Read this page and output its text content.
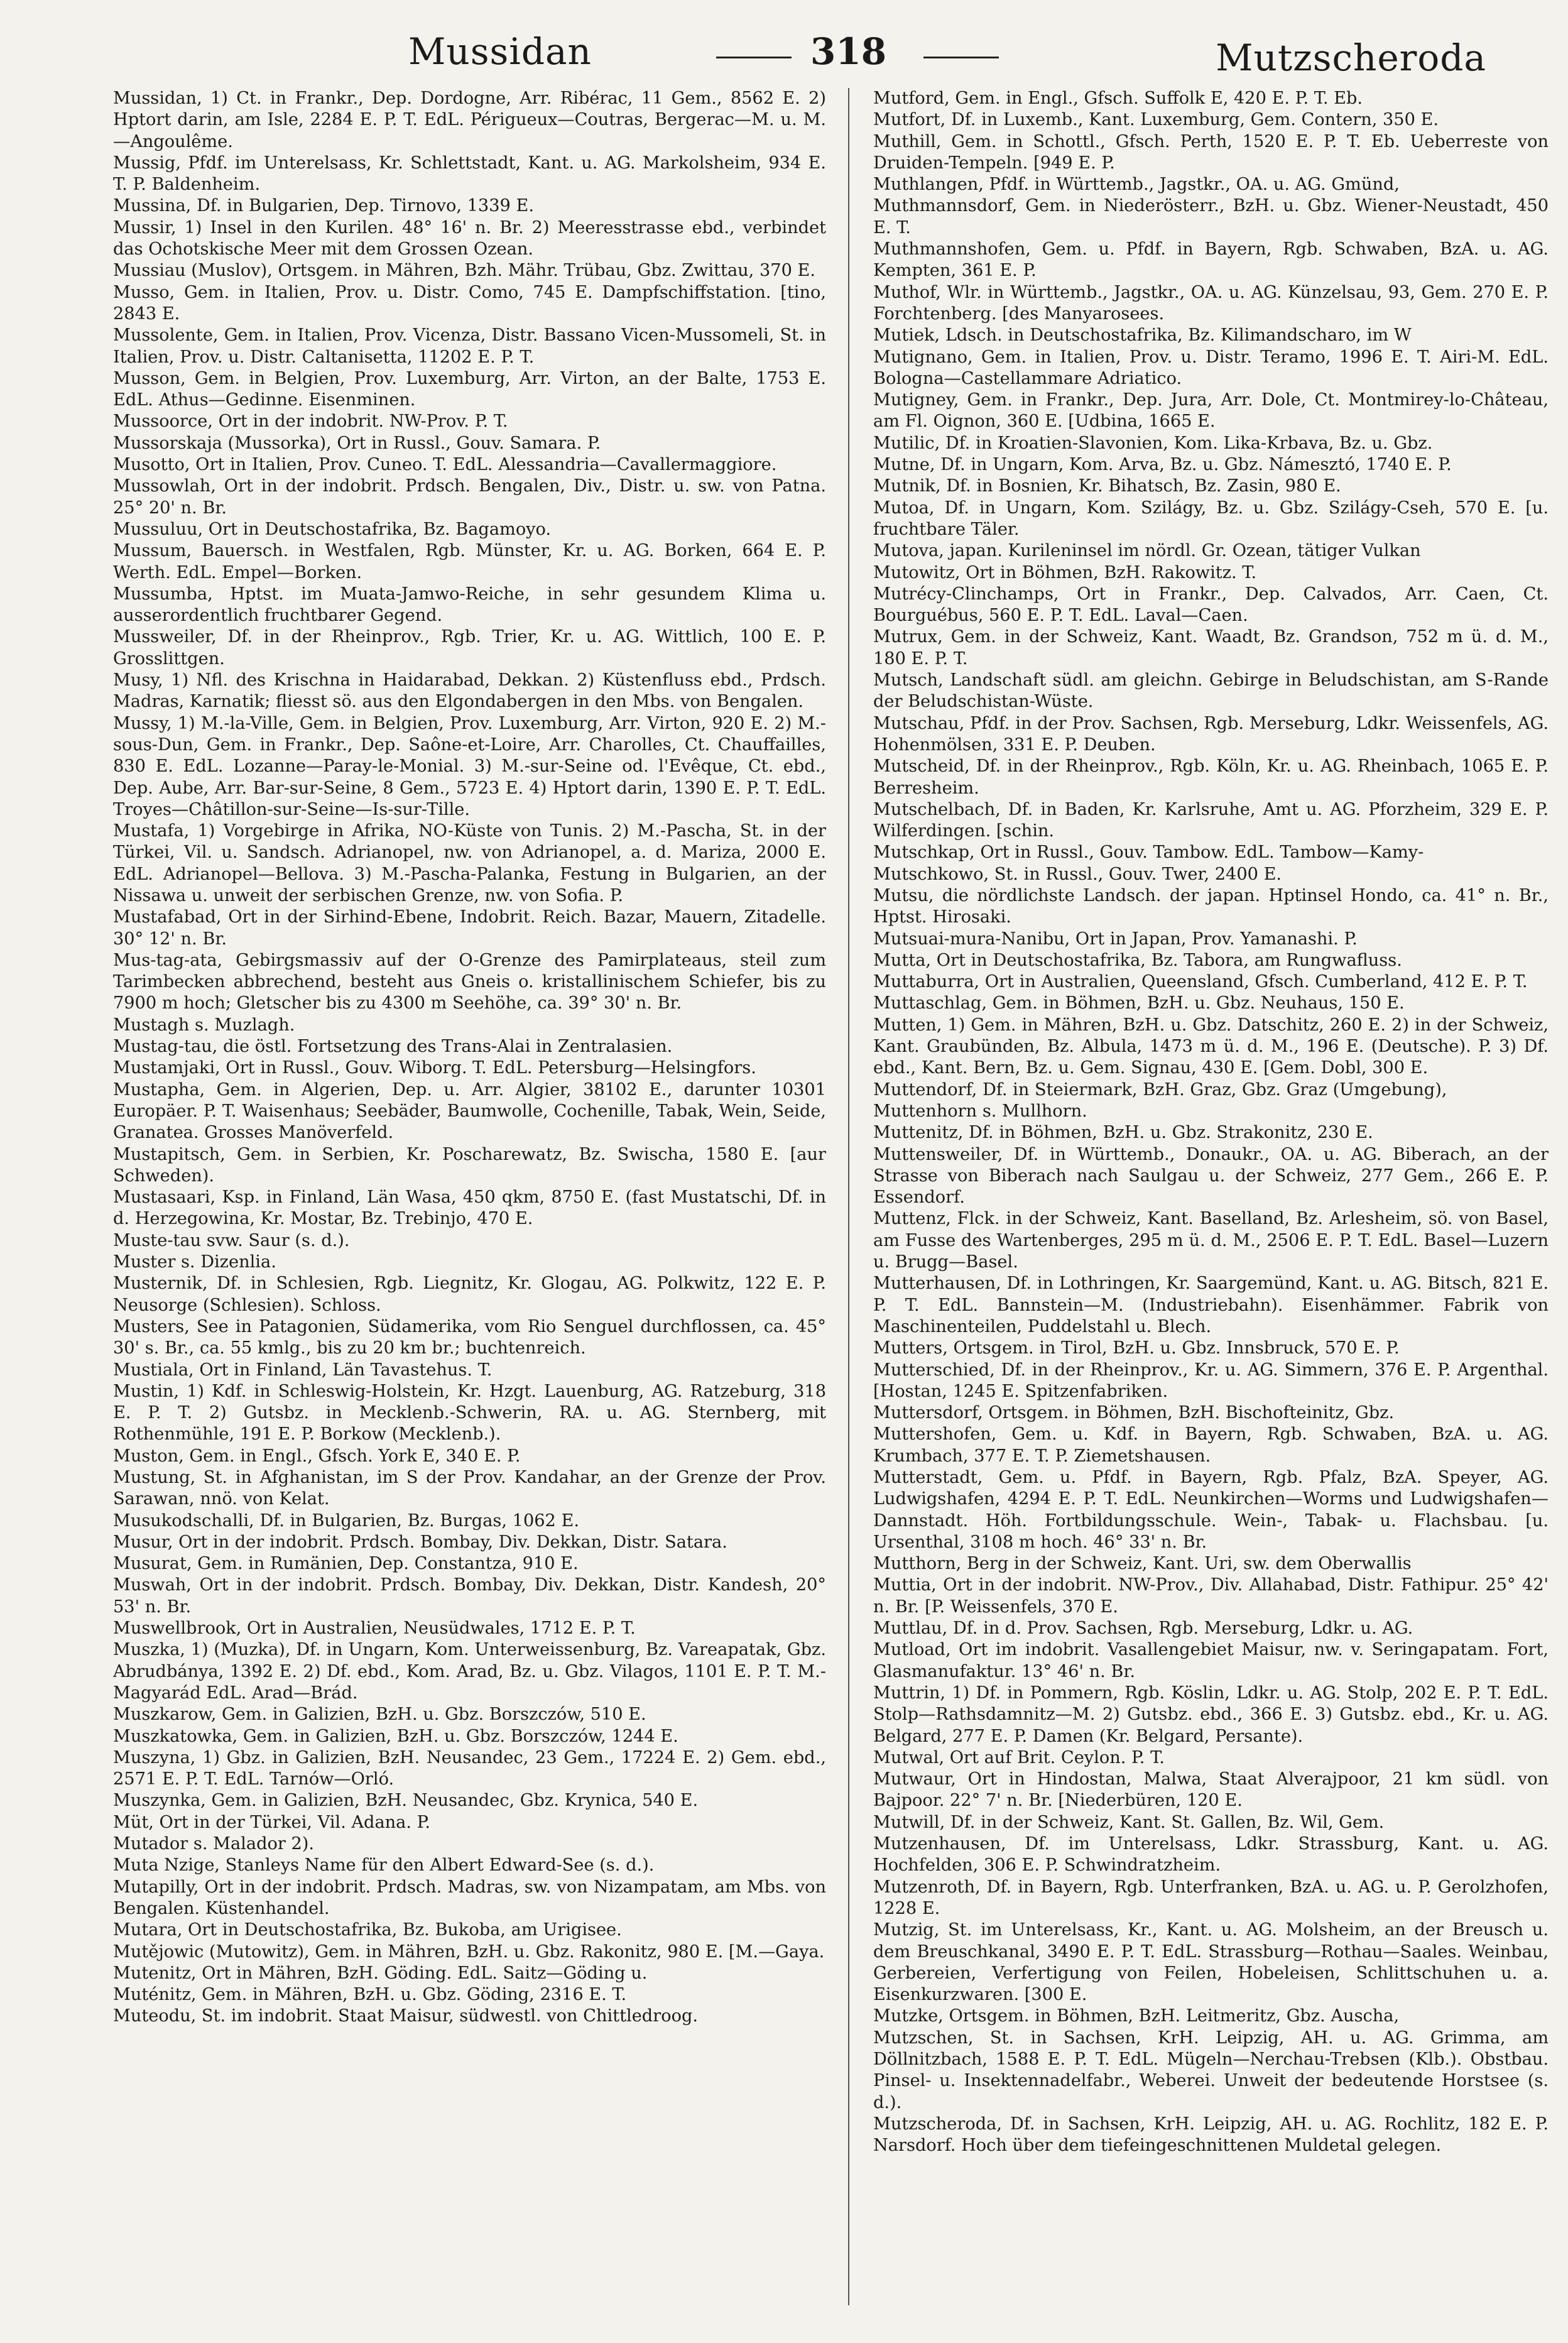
Mussidan	318	Mutzscheroda

Mussidan, 1) Ct. in Frankr., Dep. Dordogne, Arr. Ribérac, 11 Gem., 8562 E. 2) Hptort darin, am Isle, 2284 E. P. T. EdL. Périgueux—Coutras, Bergerac—M. u. M.—Angoulême.

Mussig, Pfdf. im Unterelsass, Kr. Schlettstadt, Kant. u. AG. Markolsheim, 934 E. T. P. Baldenheim.

Mussina, Df. in Bulgarien, Dep. Tirnovo, 1339 E.

Mussir, 1) Insel in den Kurilen. 48° 16' n. Br. 2) Meeresstrasse ebd., verbindet das Ochotskische Meer mit dem Grossen Ozean.

Mussiau (Muslov), Ortsgem. in Mähren, Bzh. Mähr. Trübau, Gbz. Zwittau, 370 E.

Musso, Gem. in Italien, Prov. u. Distr. Como, 745 E. Dampfschiffstation. [tino, 2843 E.

Mussolente, Gem. in Italien, Prov. Vicenza, Distr. Bassano Vicen-Mussomeli, St. in Italien, Prov. u. Distr. Caltanisetta, 11202 E. P. T.

Musson, Gem. in Belgien, Prov. Luxemburg, Arr. Virton, an der Balte, 1753 E. EdL. Athus—Gedinne. Eisenminen.

Mussoorce, Ort in der indobrit. NW-Prov. P. T.

Mussorskaja (Mussorka), Ort in Russl., Gouv. Samara. P.

Musotto, Ort in Italien, Prov. Cuneo. T. EdL. Alessandria—Cavallermaggiore.

Mussowlah, Ort in der indobrit. Prdsch. Bengalen, Div., Distr. u. sw. von Patna. 25° 20' n. Br.

Mussuluu, Ort in Deutschostafrika, Bz. Bagamoyo.

Mussum, Bauersch. in Westfalen, Rgb. Münster, Kr. u. AG. Borken, 664 E. P. Werth. EdL. Empel—Borken.

Mussumba, Hptst. im Muata-Jamwo-Reiche, in sehr gesundem Klima u. ausserordentlich fruchtbarer Gegend.

Mussweiler, Df. in der Rheinprov., Rgb. Trier, Kr. u. AG. Wittlich, 100 E. P. Grosslittgen.

Musy, 1) Nfl. des Krischna in Haidarabad, Dekkan. 2) Küstenfluss ebd., Prdsch. Madras, Karnatik; fliesst sö. aus den Elgondabergen in den Mbs. von Bengalen.

Mussy, 1) M.-la-Ville, Gem. in Belgien, Prov. Luxemburg, Arr. Virton, 920 E. 2) M.-sous-Dun, Gem. in Frankr., Dep. Saône-et-Loire, Arr. Charolles, Ct. Chauffailles, 830 E. EdL. Lozanne—Paray-le-Monial. 3) M.-sur-Seine od. l'Evêque, Ct. ebd., Dep. Aube, Arr. Bar-sur-Seine, 8 Gem., 5723 E. 4) Hptort darin, 1390 E. P. T. EdL. Troyes—Châtillon-sur-Seine—Is-sur-Tille.

Mustafa, 1) Vorgebirge in Afrika, NO-Küste von Tunis. 2) M.-Pascha, St. in der Türkei, Vil. u. Sandsch. Adrianopel, nw. von Adrianopel, a. d. Mariza, 2000 E. EdL. Adrianopel—Bellova. 3) M.-Pascha-Palanka, Festung in Bulgarien, an der Nissawa u. unweit der serbischen Grenze, nw. von Sofia. P.

Mustafabad, Ort in der Sirhind-Ebene, Indobrit. Reich. Bazar, Mauern, Zitadelle. 30° 12' n. Br.

Mus-tag-ata, Gebirgsmassiv auf der O-Grenze des Pamirplateaus, steil zum Tarimbecken abbrechend, besteht aus Gneis o. kristallinischem Schiefer, bis zu 7900 m hoch; Gletscher bis zu 4300 m Seehöhe, ca. 39° 30' n. Br.

Mustagh s. Muzlagh.

Mustag-tau, die östl. Fortsetzung des Trans-Alai in Zentralasien.

Mustamjaki, Ort in Russl., Gouv. Wiborg. T. EdL. Petersburg—Helsingfors.

Mustapha, Gem. in Algerien, Dep. u. Arr. Algier, 38102 E., darunter 10301 Europäer. P. T. Waisenhaus; Seebäder, Baumwolle, Cochenille, Tabak, Wein, Seide, Granatea. Grosses Manöverfeld.

Mustapitsch, Gem. in Serbien, Kr. Poscharewatz, Bz. Swischa, 1580 E. [aur Schweden).

Mustasaari, Ksp. in Finland, Län Wasa, 450 qkm, 8750 E. (fast Mustatschi, Df. in d. Herzegowina, Kr. Mostar, Bz. Trebinjo, 470 E.

Muste-tau svw. Saur (s. d.).

Muster s. Dizenlia.

Musternik, Df. in Schlesien, Rgb. Liegnitz, Kr. Glogau, AG. Polkwitz, 122 E. P. Neusorge (Schlesien). Schloss.

Musters, See in Patagonien, Südamerika, vom Rio Senguel durchflossen, ca. 45° 30' s. Br., ca. 55 kmlg., bis zu 20 km br.; buchtenreich.

Mustiala, Ort in Finland, Län Tavastehus. T.

Mustin, 1) Kdf. in Schleswig-Holstein, Kr. Hzgt. Lauenburg, AG. Ratzeburg, 318 E. P. T. 2) Gutsbz. in Mecklenb.-Schwerin, RA. u. AG. Sternberg, mit Rothenmühle, 191 E. P. Borkow (Mecklenb.).

Muston, Gem. in Engl., Gfsch. York E, 340 E. P.

Mustung, St. in Afghanistan, im S der Prov. Kandahar, an der Grenze der Prov. Sarawan, nnö. von Kelat.

Musukodschalli, Df. in Bulgarien, Bz. Burgas, 1062 E.

Musur, Ort in der indobrit. Prdsch. Bombay, Div. Dekkan, Distr. Satara.

Musurat, Gem. in Rumänien, Dep. Constantza, 910 E.

Muswah, Ort in der indobrit. Prdsch. Bombay, Div. Dekkan, Distr. Kandesh, 20° 53' n. Br.

Muswellbrook, Ort in Australien, Neusüdwales, 1712 E. P. T.

Muszka, 1) (Muzka), Df. in Ungarn, Kom. Unterweissenburg, Bz. Vareapatak, Gbz. Abrudbánya, 1392 E. 2) Df. ebd., Kom. Arad, Bz. u. Gbz. Vilagos, 1101 E. P. T. M.-Magyarád EdL. Arad—Brád.

Muszkarow, Gem. in Galizien, BzH. u. Gbz. Borszczów, 510 E.

Muszkatowka, Gem. in Galizien, BzH. u. Gbz. Borszczów, 1244 E.

Muszyna, 1) Gbz. in Galizien, BzH. Neusandec, 23 Gem., 17224 E. 2) Gem. ebd., 2571 E. P. T. EdL. Tarnów—Orló.

Muszynka, Gem. in Galizien, BzH. Neusandec, Gbz. Krynica, 540 E.

Müt, Ort in der Türkei, Vil. Adana. P.

Mutador s. Malador 2).

Muta Nzige, Stanleys Name für den Albert Edward-See (s. d.).

Mutapilly, Ort in der indobrit. Prdsch. Madras, sw. von Nizampatam, am Mbs. von Bengalen. Küstenhandel.

Mutara, Ort in Deutschostafrika, Bz. Bukoba, am Urigisee.

Mutějowic (Mutowitz), Gem. in Mähren, BzH. u. Gbz. Rakonitz, 980 E. [M.—Gaya.

Mutenitz, Ort in Mähren, BzH. Göding. EdL. Saitz—Göding u.

Muténitz, Gem. in Mähren, BzH. u. Gbz. Göding, 2316 E. T.

Muteodu, St. im indobrit. Staat Maisur, südwestl. von Chittledroog.

Mutford, Gem. in Engl., Gfsch. Suffolk E, 420 E. P. T. Eb.

Mutfort, Df. in Luxemb., Kant. Luxemburg, Gem. Contern, 350 E.

Muthill, Gem. in Schottl., Gfsch. Perth, 1520 E. P. T. Eb. Ueberreste von Druiden-Tempeln. [949 E. P.

Muthlangen, Pfdf. in Württemb., Jagstkr., OA. u. AG. Gmünd,

Muthmannsdorf, Gem. in Niederösterr., BzH. u. Gbz. Wiener-Neustadt, 450 E. T.

Muthmannshofen, Gem. u. Pfdf. in Bayern, Rgb. Schwaben, BzA. u. AG. Kempten, 361 E. P.

Muthof, Wlr. in Württemb., Jagstkr., OA. u. AG. Künzelsau, 93, Gem. 270 E. P. Forchtenberg. [des Manyarosees.

Mutiek, Ldsch. in Deutschostafrika, Bz. Kilimandscharo, im W

Mutignano, Gem. in Italien, Prov. u. Distr. Teramo, 1996 E. T. Airi-M. EdL. Bologna—Castellammare Adriatico.

Mutigney, Gem. in Frankr., Dep. Jura, Arr. Dole, Ct. Montmirey-lo-Château, am Fl. Oignon, 360 E. [Udbina, 1665 E.

Mutilic, Df. in Kroatien-Slavonien, Kom. Lika-Krbava, Bz. u. Gbz.

Mutne, Df. in Ungarn, Kom. Arva, Bz. u. Gbz. Námesztó, 1740 E. P.

Mutnik, Df. in Bosnien, Kr. Bihatsch, Bz. Zasin, 980 E.

Mutoa, Df. in Ungarn, Kom. Szilágy, Bz. u. Gbz. Szilágy-Cseh, 570 E. [u. fruchtbare Täler.

Mutova, japan. Kurileninsel im nördl. Gr. Ozean, tätiger Vulkan

Mutowitz, Ort in Böhmen, BzH. Rakowitz. T.

Mutrécy-Clinchamps, Ort in Frankr., Dep. Calvados, Arr. Caen, Ct. Bourguébus, 560 E. P. T. EdL. Laval—Caen.

Mutrux, Gem. in der Schweiz, Kant. Waadt, Bz. Grandson, 752 m ü. d. M., 180 E. P. T.

Mutsch, Landschaft südl. am gleichn. Gebirge in Beludschistan, am S-Rande der Beludschistan-Wüste.

Mutschau, Pfdf. in der Prov. Sachsen, Rgb. Merseburg, Ldkr. Weissenfels, AG. Hohenmölsen, 331 E. P. Deuben.

Mutscheid, Df. in der Rheinprov., Rgb. Köln, Kr. u. AG. Rheinbach, 1065 E. P. Berresheim.

Mutschelbach, Df. in Baden, Kr. Karlsruhe, Amt u. AG. Pforzheim, 329 E. P. Wilferdingen. [schin.

Mutschkap, Ort in Russl., Gouv. Tambow. EdL. Tambow—Kamy-

Mutschkowo, St. in Russl., Gouv. Twer, 2400 E.

Mutsu, die nördlichste Landsch. der japan. Hptinsel Hondo, ca. 41° n. Br., Hptst. Hirosaki.

Mutsuai-mura-Nanibu, Ort in Japan, Prov. Yamanashi. P.

Mutta, Ort in Deutschostafrika, Bz. Tabora, am Rungwafluss.

Muttaburra, Ort in Australien, Queensland, Gfsch. Cumberland, 412 E. P. T.

Muttaschlag, Gem. in Böhmen, BzH. u. Gbz. Neuhaus, 150 E.

Mutten, 1) Gem. in Mähren, BzH. u. Gbz. Datschitz, 260 E. 2) in der Schweiz, Kant. Graubünden, Bz. Albula, 1473 m ü. d. M., 196 E. (Deutsche). P. 3) Df. ebd., Kant. Bern, Bz. u. Gem. Signau, 430 E. [Gem. Dobl, 300 E.

Muttendorf, Df. in Steiermark, BzH. Graz, Gbz. Graz (Umgebung),

Muttenhorn s. Mullhorn.

Muttenitz, Df. in Böhmen, BzH. u. Gbz. Strakonitz, 230 E.

Muttensweiler, Df. in Württemb., Donaukr., OA. u. AG. Biberach, an der Strasse von Biberach nach Saulgau u. der Schweiz, 277 Gem., 266 E. P. Essendorf.

Muttenz, Flck. in der Schweiz, Kant. Baselland, Bz. Arlesheim, sö. von Basel, am Fusse des Wartenberges, 295 m ü. d. M., 2506 E. P. T. EdL. Basel—Luzern u. Brugg—Basel.

Mutterhausen, Df. in Lothringen, Kr. Saargemünd, Kant. u. AG. Bitsch, 821 E. P. T. EdL. Bannstein—M. (Industriebahn). Eisenhämmer. Fabrik von Maschinenteilen, Puddelstahl u. Blech.

Mutters, Ortsgem. in Tirol, BzH. u. Gbz. Innsbruck, 570 E. P.

Mutterschied, Df. in der Rheinprov., Kr. u. AG. Simmern, 376 E. P. Argenthal. [Hostan, 1245 E. Spitzenfabriken.

Muttersdorf, Ortsgem. in Böhmen, BzH. Bischofteinitz, Gbz.

Muttershofen, Gem. u. Kdf. in Bayern, Rgb. Schwaben, BzA. u. AG. Krumbach, 377 E. T. P. Ziemetshausen.

Mutterstadt, Gem. u. Pfdf. in Bayern, Rgb. Pfalz, BzA. Speyer, AG. Ludwigshafen, 4294 E. P. T. EdL. Neunkirchen—Worms und Ludwigshafen—Dannstadt. Höh. Fortbildungsschule. Wein-, Tabak- u. Flachsbau. [u. Ursenthal, 3108 m hoch. 46° 33' n. Br.

Mutthorn, Berg in der Schweiz, Kant. Uri, sw. dem Oberwallis

Muttia, Ort in der indobrit. NW-Prov., Div. Allahabad, Distr. Fathipur. 25° 42' n. Br. [P. Weissenfels, 370 E.

Muttlau, Df. in d. Prov. Sachsen, Rgb. Merseburg, Ldkr. u. AG.

Mutload, Ort im indobrit. Vasallengebiet Maisur, nw. v. Seringapatam. Fort, Glasmanufaktur. 13° 46' n. Br.

Muttrin, 1) Df. in Pommern, Rgb. Köslin, Ldkr. u. AG. Stolp, 202 E. P. T. EdL. Stolp—Rathsdamnitz—M. 2) Gutsbz. ebd., 366 E. 3) Gutsbz. ebd., Kr. u. AG. Belgard, 277 E. P. Damen (Kr. Belgard, Persante).

Mutwal, Ort auf Brit. Ceylon. P. T.

Mutwaur, Ort in Hindostan, Malwa, Staat Alverajpoor, 21 km südl. von Bajpoor. 22° 7' n. Br. [Niederbüren, 120 E.

Mutwill, Df. in der Schweiz, Kant. St. Gallen, Bz. Wil, Gem.

Mutzenhausen, Df. im Unterelsass, Ldkr. Strassburg, Kant. u. AG. Hochfelden, 306 E. P. Schwindratzheim.

Mutzenroth, Df. in Bayern, Rgb. Unterfranken, BzA. u. AG. u. P. Gerolzhofen, 1228 E.

Mutzig, St. im Unterelsass, Kr., Kant. u. AG. Molsheim, an der Breusch u. dem Breuschkanal, 3490 E. P. T. EdL. Strassburg—Rothau—Saales. Weinbau, Gerbereien, Verfertigung von Feilen, Hobeleisen, Schlittschuhen u. a. Eisenkurzwaren. [300 E.

Mutzke, Ortsgem. in Böhmen, BzH. Leitmeritz, Gbz. Auscha,

Mutzschen, St. in Sachsen, KrH. Leipzig, AH. u. AG. Grimma, am Döllnitzbach, 1588 E. P. T. EdL. Mügeln—Nerchau-Trebsen (Klb.). Obstbau. Pinsel- u. Insektennadelfabr., Weberei. Unweit der bedeutende Horstsee (s. d.).

Mutzscheroda, Df. in Sachsen, KrH. Leipzig, AH. u. AG. Rochlitz, 182 E. P. Narsdorf. Hoch über dem tiefeingeschnittenen Muldetal gelegen.
